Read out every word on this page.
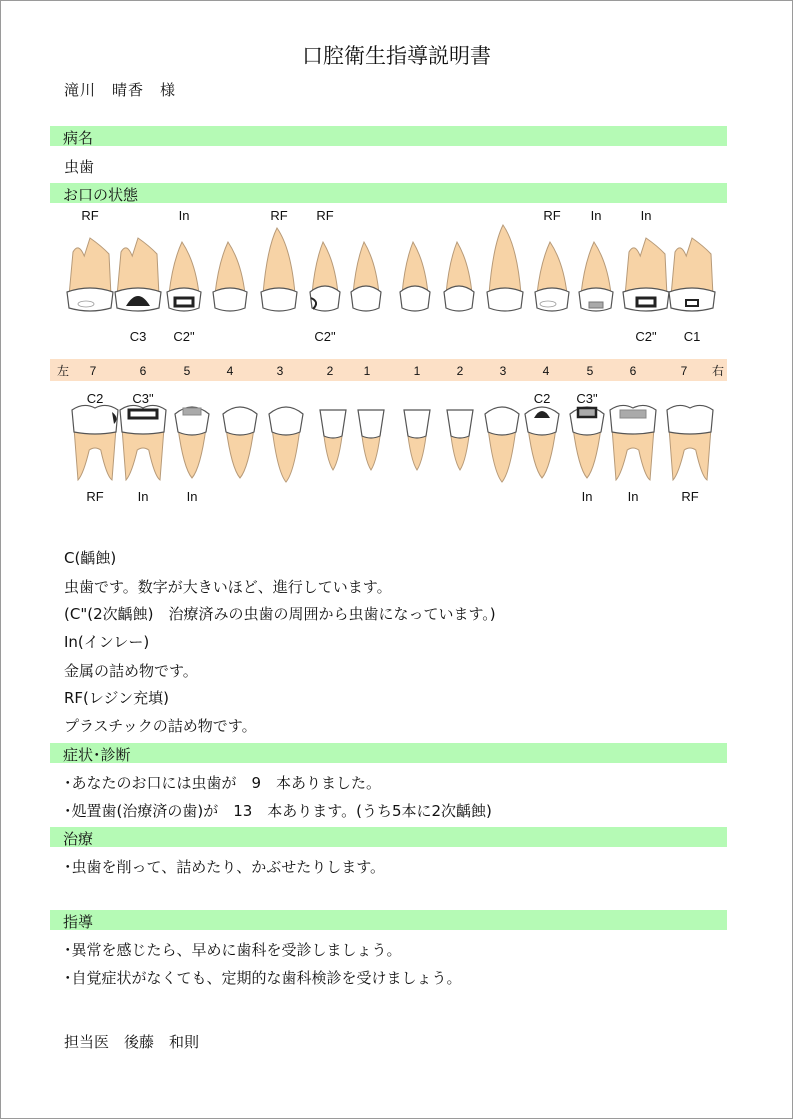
口腔衛生指導説明書
滝川　晴香　様
病名
虫歯
お口の状態
左	右
7	6	5	4	3	2	1	1	2	3	4	5	6	7
RF	In	RF RF	RF In	In
C3 C2"	C2"	C2" C1
C2 C3"	C2 C3"
RF	In	In	In	In	RF
C(齲蝕)
虫歯です。数字が大きいほど、進行しています。
(C"(2次齲蝕)　治療済みの虫歯の周囲から虫歯になっています。)
In(インレー)
金属の詰め物です。
RF(レジン充填)
プラスチックの詰め物です。
症状･診断
･あなたのお口には虫歯が　9　本ありました。
･処置歯(治療済の歯)が　13　本あります。(うち5本に2次齲蝕)
治療
･虫歯を削って、詰めたり、かぶせたりします。
指導
･異常を感じたら、早めに歯科を受診しましょう。
･自覚症状がなくても、定期的な歯科検診を受けましょう。
担当医　後藤　和則
